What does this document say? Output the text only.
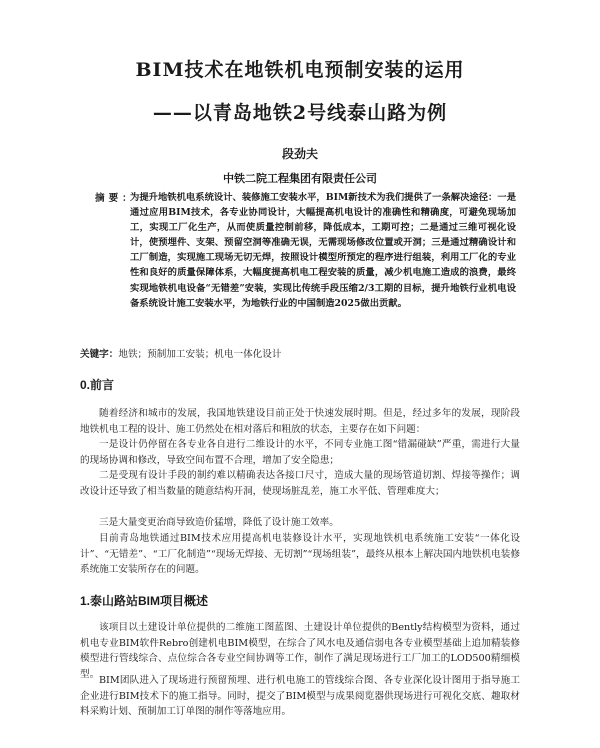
BIM技术在地铁机电预制安装的运用
——以青岛地铁2号线泰山路为例
段劲夫
中铁二院工程集团有限责任公司
摘要：
为提升地铁机电系统设计、装修施工安装水平，BIM新技术为我们提供了一条解决途径：一是通过应用BIM技术，各专业协同设计，大幅提高机电设计的准确性和精确度，可避免现场加工，实现工厂化生产，从而使质量控制前移，降低成本，工期可控；二是通过三维可视化设计，使预埋件、支架、预留空洞等准确无误，无需现场修改位置或开洞；三是通过精确设计和工厂制造，实现施工现场无切无焊，按照设计模型所预定的程序进行组装，利用工厂化的专业性和良好的质量保障体系，大幅度提高机电工程安装的质量，减少机电施工造成的浪费，最终实现地铁机电设备“无错差”安装，实现比传统手段压缩2/3工期的目标，提升地铁行业机电设备系统设计施工安装水平，为地铁行业的中国制造2025做出贡献。
关键字：地铁；预制加工安装；机电一体化设计
0.前言
随着经济和城市的发展，我国地铁建设目前正处于快速发展时期。但是，经过多年的发展，现阶段地铁机电工程的设计、施工仍然处在相对落后和粗放的状态，主要存在如下问题：
一是设计仍停留在各专业各自进行二维设计的水平，不同专业施工图“错漏碰缺”严重，需进行大量的现场协调和修改，导致空间布置不合理，增加了安全隐患；
二是受现有设计手段的制约难以精确表达各接口尺寸，造成大量的现场管道切割、焊接等操作；调改设计还导致了相当数量的随意结构开洞，使现场脏乱差，施工水平低、管理难度大；
三是大量变更治商导致造价猛增，降低了设计施工效率。
目前青岛地铁通过BIM技术应用提高机电装修设计水平，实现地铁机电系统施工安装“一体化设计”、“无错差”、“工厂化制造”“现场无焊接、无切割”“现场组装”，最终从根本上解决国内地铁机电装修系统施工安装所存在的问题。
1.泰山路站BIM项目概述
该项目以土建设计单位提供的二维施工图蓝图、土建设计单位提供的Bently结构模型为资料，通过机电专业BIM软件Rebro创建机电BIM模型，在综合了风水电及通信弱电各专业模型基础上追加精装修模型进行管线综合、点位综合各专业空间协调等工作，制作了满足现场进行工厂加工的LOD500精细模型。
BIM团队进入了现场进行预留预埋、进行机电施工的管线综合图、各专业深化设计图用于指导施工企业进行BIM技术下的施工指导。同时，提交了BIM模型与成果阅览器供现场进行可视化交底、趣取材料采购计划、预制加工订单图的制作等落地应用。
